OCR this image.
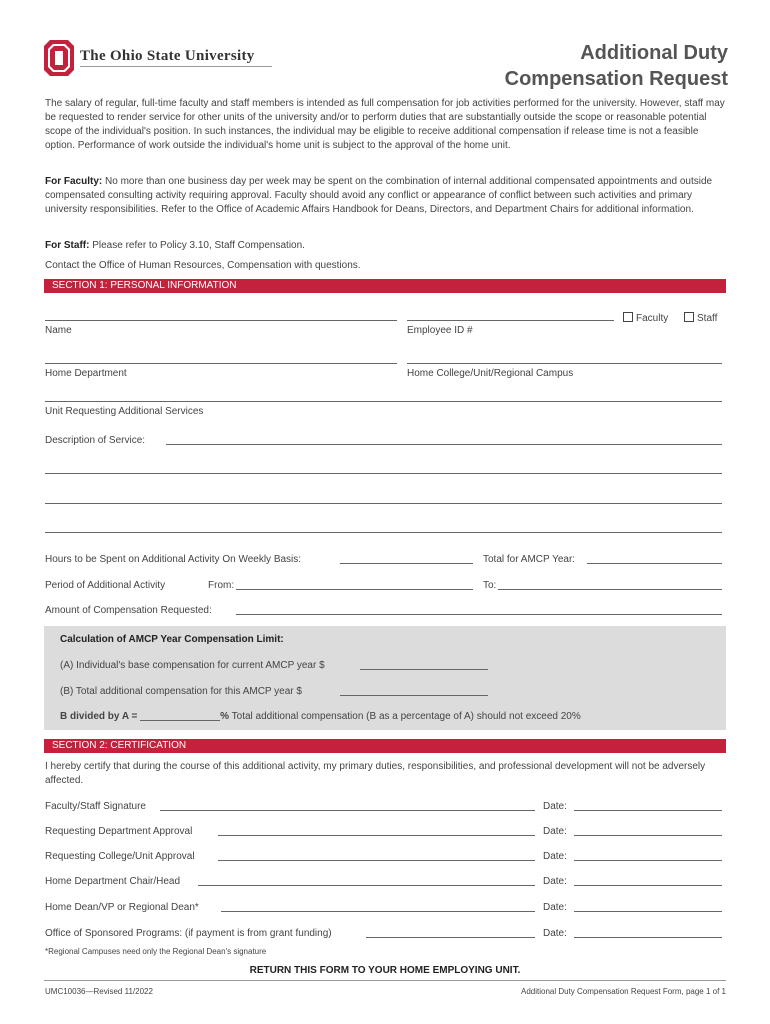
The Ohio State University	Additional Duty
Compensation Request
The salary of regular, full-time faculty and staff members is intended as full compensation for job activities performed for the university. However, staff may be requested to render service for other units of the university and/or to perform duties that are substantially outside the scope or reasonable potential scope of the individual's position. In such instances, the individual may be eligible to receive additional compensation if release time is not a feasible option. Performance of work outside the individual's home unit is subject to the approval of the home unit.
For Faculty: No more than one business day per week may be spent on the combination of internal additional compensated appointments and outside compensated consulting activity requiring approval. Faculty should avoid any conflict or appearance of conflict between such activities and primary university responsibilities. Refer to the Office of Academic Affairs Handbook for Deans, Directors, and Department Chairs for additional information.
For Staff: Please refer to Policy 3.10, Staff Compensation.
Contact the Office of Human Resources, Compensation with questions.
SECTION 1: PERSONAL INFORMATION
Name	Employee ID #
Faculty	Staff
Home Department	Home College/Unit/Regional Campus
Unit Requesting Additional Services
Description of Service:
Hours to be Spent on Additional Activity On Weekly Basis:	Total for AMCP Year:
Period of Additional Activity	From:	To:
Amount of Compensation Requested:
Calculation of AMCP Year Compensation Limit:
(A) Individual's base compensation for current AMCP year $
(B) Total additional compensation for this AMCP year $
B divided by A =	% Total additional compensation (B as a percentage of A) should not exceed 20%
SECTION 2: CERTIFICATION
I hereby certify that during the course of this additional activity, my primary duties, responsibilities, and professional development will not be adversely affected.
Faculty/Staff Signature	Date:
Requesting Department Approval	Date:
Requesting College/Unit Approval	Date:
Home Department Chair/Head	Date:
Home Dean/VP or Regional Dean*	Date:
Office of Sponsored Programs: (if payment is from grant funding)	Date:
*Regional Campuses need only the Regional Dean's signature
RETURN THIS FORM TO YOUR HOME EMPLOYING UNIT.
UMC10036—Revised 11/2022	Additional Duty Compensation Request Form, page 1 of 1
